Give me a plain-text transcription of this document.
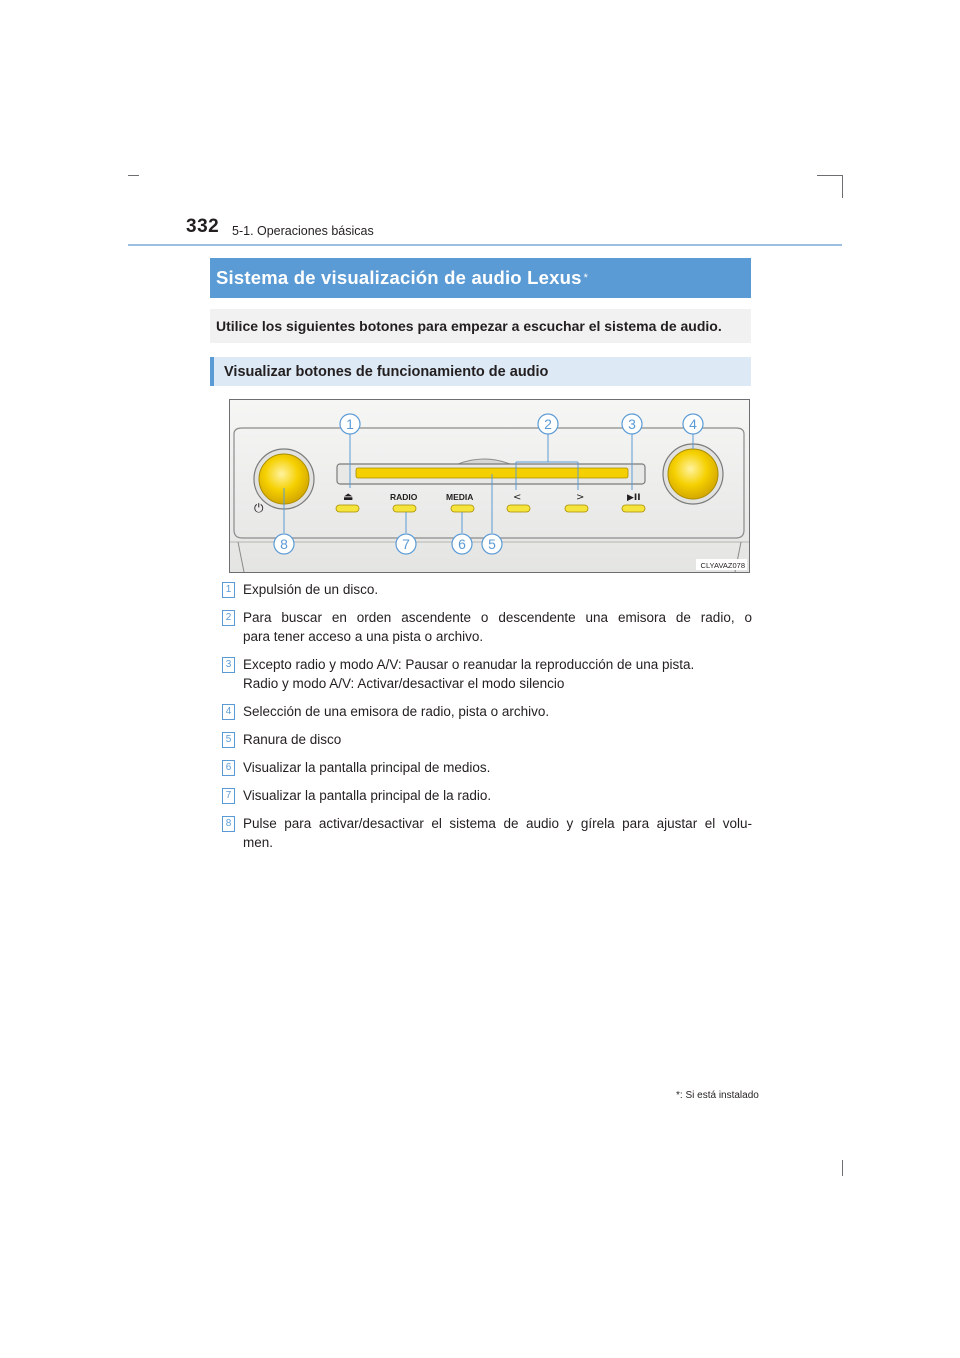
332 5-1. Operaciones básicas
Sistema de visualización de audio Lexus *
Utilice los siguientes botones para empezar a escuchar el sistema de audio.
Visualizar botones de funcionamiento de audio
⏻
⏏	RADIO	MEDIA	<	>	▶II
1	2	3	4
8	7	6 5
CLYAVAZ078
1 Expulsión de un disco.
2 Para buscar en orden ascendente o descendente una emisora de radio, o
para tener acceso a una pista o archivo.
3 Excepto radio y modo A/V: Pausar o reanudar la reproducción de una pista.
Radio y modo A/V: Activar/desactivar el modo silencio
4 Selección de una emisora de radio, pista o archivo.
5 Ranura de disco
6 Visualizar la pantalla principal de medios.
7 Visualizar la pantalla principal de la radio.
8 Pulse para activar/desactivar el sistema de audio y gírela para ajustar el volu-
men.
*: Si está instalado
